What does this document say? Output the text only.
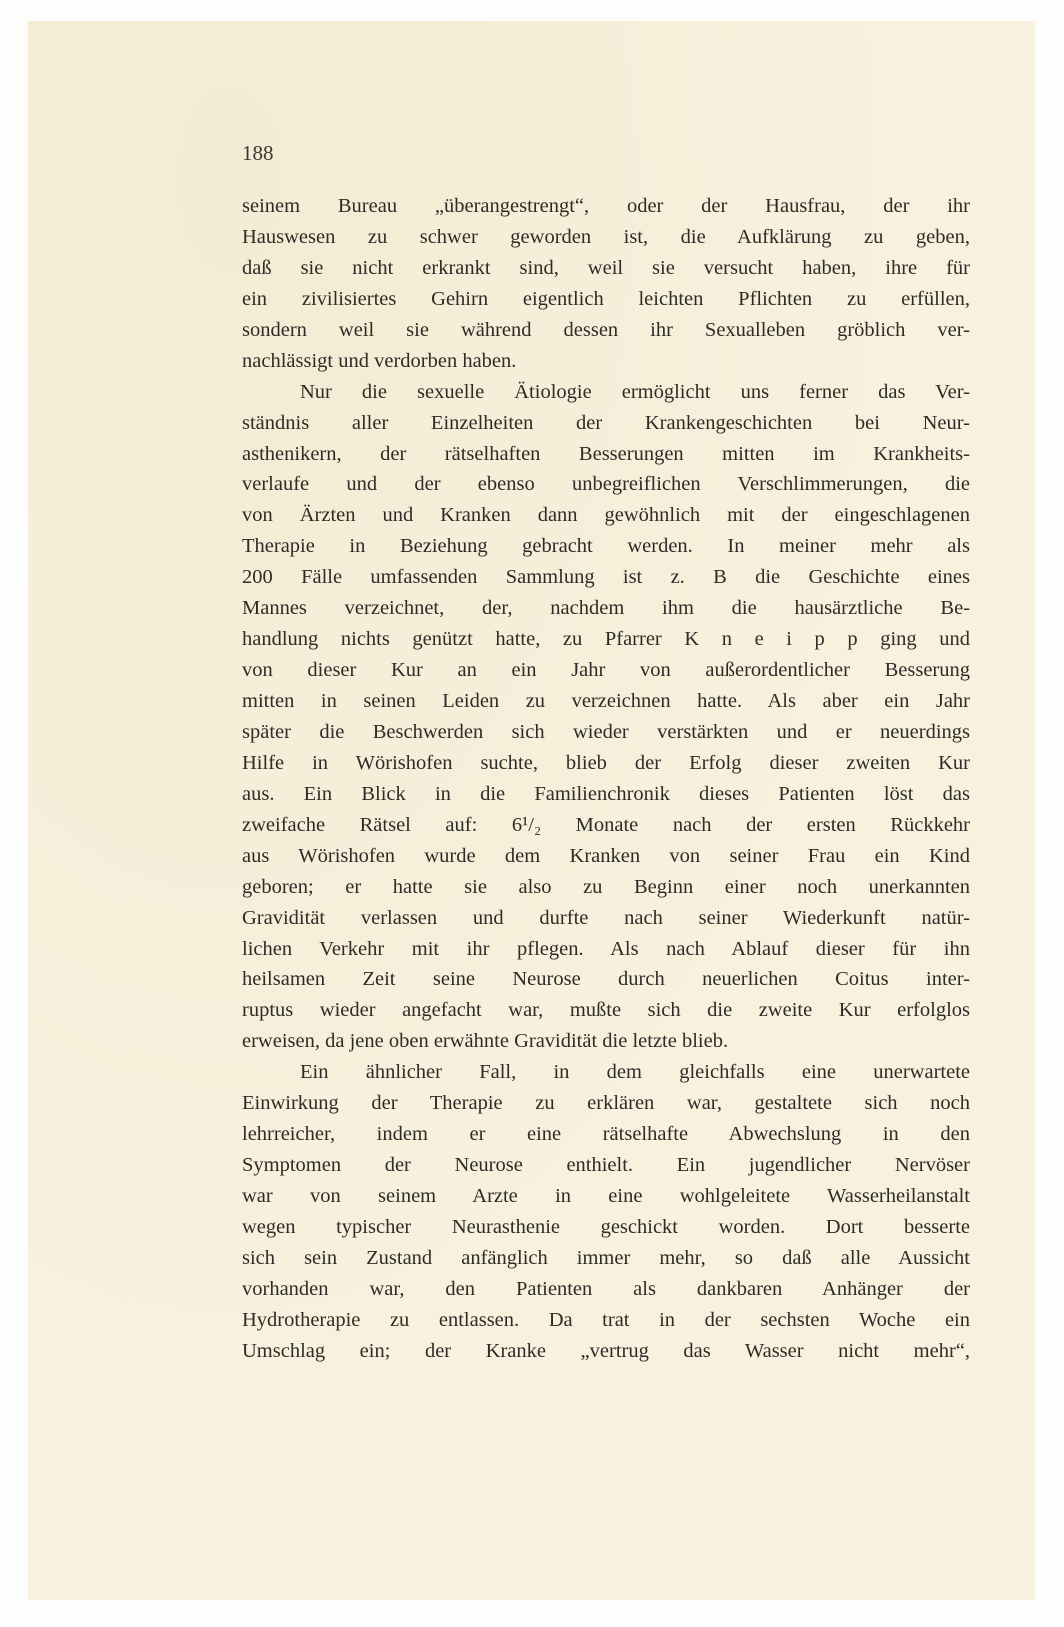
188
seinem Bureau „überangestrengt“, oder der Hausfrau, der ihr
Hauswesen zu schwer geworden ist, die Aufklärung zu geben,
daß sie nicht erkrankt sind, weil sie versucht haben, ihre für
ein zivilisiertes Gehirn eigentlich leichten Pflichten zu erfüllen,
sondern weil sie während dessen ihr Sexualleben gröblich ver-
nachlässigt und verdorben haben.
Nur die sexuelle Ätiologie ermöglicht uns ferner das Ver-
ständnis aller Einzelheiten der Krankengeschichten bei Neur-
asthenikern, der rätselhaften Besserungen mitten im Krankheits-
verlaufe und der ebenso unbegreiflichen Verschlimmerungen, die
von Ärzten und Kranken dann gewöhnlich mit der eingeschlagenen
Therapie in Beziehung gebracht werden. In meiner mehr als
200 Fälle umfassenden Sammlung ist z. B die Geschichte eines
Mannes verzeichnet, der, nachdem ihm die hausärztliche Be-
handlung nichts genützt hatte, zu Pfarrer K n e i p p ging und
von dieser Kur an ein Jahr von außerordentlicher Besserung
mitten in seinen Leiden zu verzeichnen hatte. Als aber ein Jahr
später die Beschwerden sich wieder verstärkten und er neuerdings
Hilfe in Wörishofen suchte, blieb der Erfolg dieser zweiten Kur
aus. Ein Blick in die Familienchronik dieses Patienten löst das
zweifache Rätsel auf: 6¹/₂ Monate nach der ersten Rückkehr
aus Wörishofen wurde dem Kranken von seiner Frau ein Kind
geboren; er hatte sie also zu Beginn einer noch unerkannten
Gravidität verlassen und durfte nach seiner Wiederkunft natür-
lichen Verkehr mit ihr pflegen. Als nach Ablauf dieser für ihn
heilsamen Zeit seine Neurose durch neuerlichen Coitus inter-
ruptus wieder angefacht war, mußte sich die zweite Kur erfolglos
erweisen, da jene oben erwähnte Gravidität die letzte blieb.
Ein ähnlicher Fall, in dem gleichfalls eine unerwartete
Einwirkung der Therapie zu erklären war, gestaltete sich noch
lehrreicher, indem er eine rätselhafte Abwechslung in den
Symptomen der Neurose enthielt. Ein jugendlicher Nervöser
war von seinem Arzte in eine wohlgeleitete Wasserheilanstalt
wegen typischer Neurasthenie geschickt worden. Dort besserte
sich sein Zustand anfänglich immer mehr, so daß alle Aussicht
vorhanden war, den Patienten als dankbaren Anhänger der
Hydrotherapie zu entlassen. Da trat in der sechsten Woche ein
Umschlag ein; der Kranke „vertrug das Wasser nicht mehr“,
